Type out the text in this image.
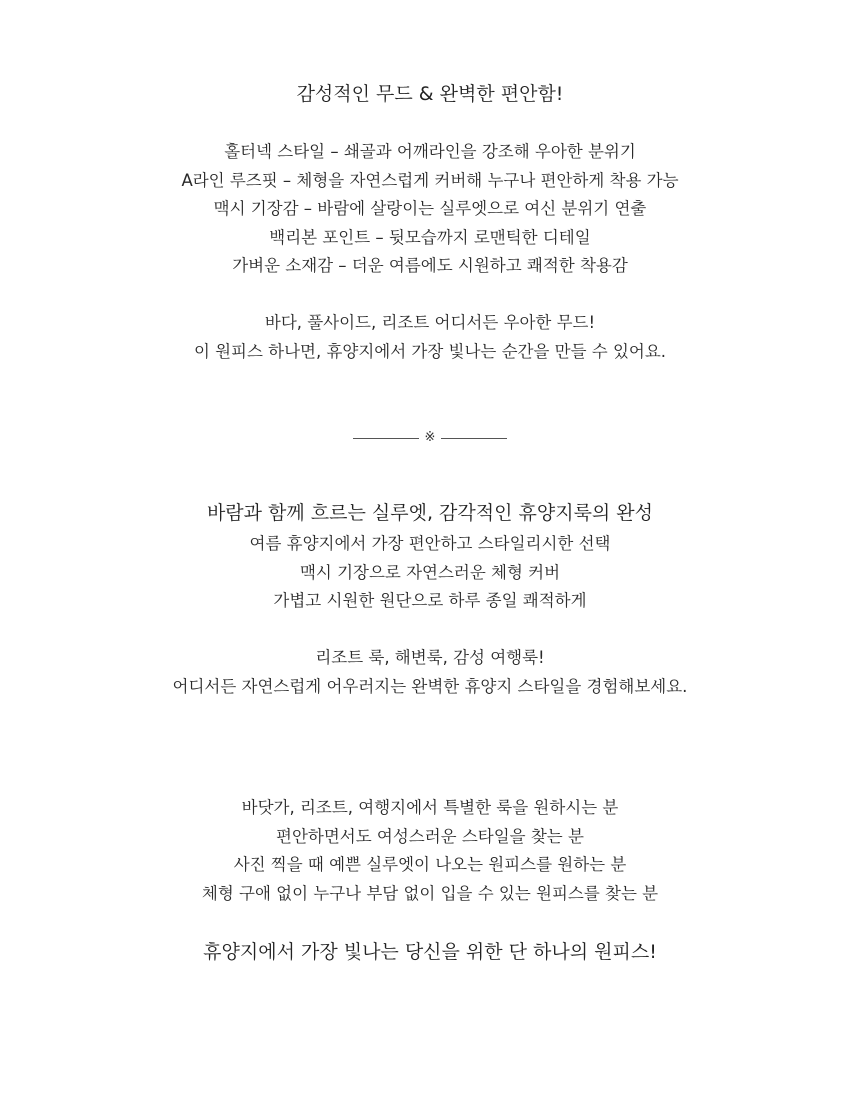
감성적인 무드 & 완벽한 편안함!

홀터넥 스타일 – 쇄골과 어깨라인을 강조해 우아한 분위기

A라인 루즈핏 – 체형을 자연스럽게 커버해 누구나 편안하게 착용 가능

맥시 기장감 – 바람에 살랑이는 실루엣으로 여신 분위기 연출

백리본 포인트 – 뒷모습까지 로맨틱한 디테일

가벼운 소재감 – 더운 여름에도 시원하고 쾌적한 착용감

바다, 풀사이드, 리조트 어디서든 우아한 무드!

이 원피스 하나면, 휴양지에서 가장 빛나는 순간을 만들 수 있어요.

※
바람과 함께 흐르는 실루엣, 감각적인 휴양지룩의 완성

여름 휴양지에서 가장 편안하고 스타일리시한 선택

맥시 기장으로 자연스러운 체형 커버

가볍고 시원한 원단으로 하루 종일 쾌적하게

리조트 룩, 해변룩, 감성 여행룩!

어디서든 자연스럽게 어우러지는 완벽한 휴양지 스타일을 경험해보세요.

바닷가, 리조트, 여행지에서 특별한 룩을 원하시는 분

편안하면서도 여성스러운 스타일을 찾는 분

사진 찍을 때 예쁜 실루엣이 나오는 원피스를 원하는 분

체형 구애 없이 누구나 부담 없이 입을 수 있는 원피스를 찾는 분

휴양지에서 가장 빛나는 당신을 위한 단 하나의 원피스!
